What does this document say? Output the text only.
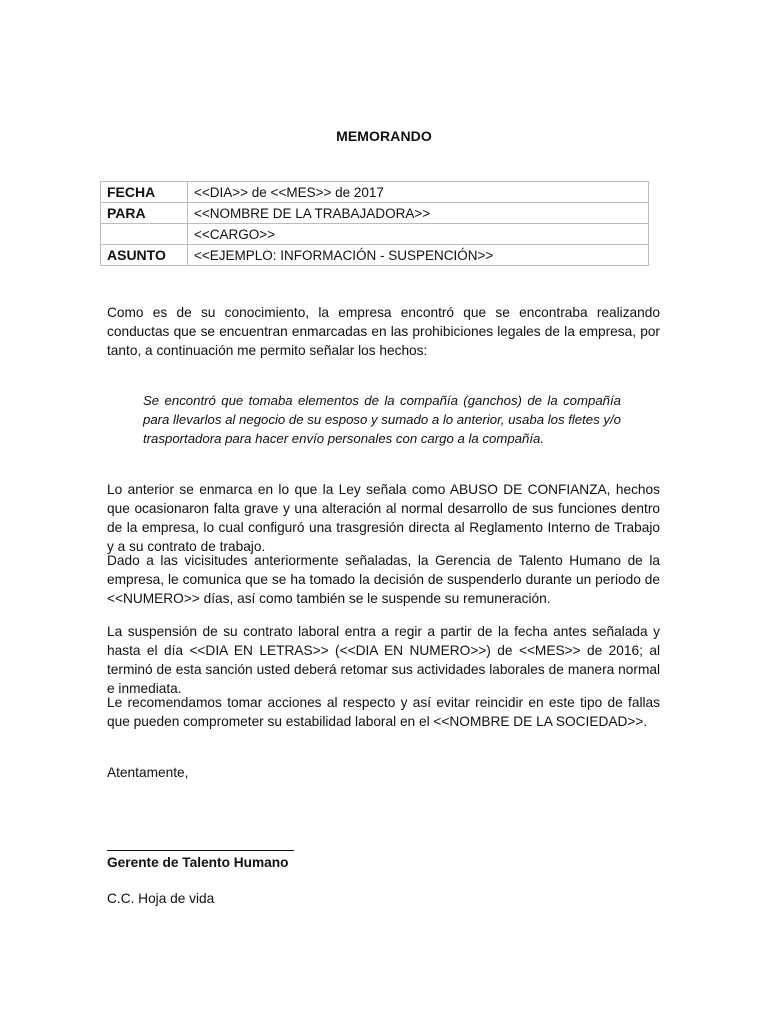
MEMORANDO
FECHA	<<DIA>> de <<MES>> de 2017
PARA	<<NOMBRE DE LA TRABAJADORA>>
	<<CARGO>>
ASUNTO	<<EJEMPLO: INFORMACIÓN - SUSPENCIÓN>>

Como es de su conocimiento, la empresa encontró que se encontraba realizando conductas que se encuentran enmarcadas en las prohibiciones legales de la empresa, por tanto, a continuación me permito señalar los hechos:

Se encontró que tomaba elementos de la compañía (ganchos) de la compañía para llevarlos al negocio de su esposo y sumado a lo anterior, usaba los fletes y/o trasportadora para hacer envío personales con cargo a la compañía.

Lo anterior se enmarca en lo que la Ley señala como ABUSO DE CONFIANZA, hechos que ocasionaron falta grave y una alteración al normal desarrollo de sus funciones dentro de la empresa, lo cual configuró una trasgresión directa al Reglamento Interno de Trabajo y a su contrato de trabajo.

Dado a las vicisitudes anteriormente señaladas, la Gerencia de Talento Humano de la empresa, le comunica que se ha tomado la decisión de suspenderlo durante un periodo de <<NUMERO>> días, así como también se le suspende su remuneración.

La suspensión de su contrato laboral entra a regir a partir de la fecha antes señalada y hasta el día <<DIA EN LETRAS>> (<<DIA EN NUMERO>>) de <<MES>> de 2016; al terminó de esta sanción usted deberá retomar sus actividades laborales de manera normal e inmediata.

Le recomendamos tomar acciones al respecto y así evitar reincidir en este tipo de fallas que pueden comprometer su estabilidad laboral en el <<NOMBRE DE LA SOCIEDAD>>.

Atentamente,
Gerente de Talento Humano
C.C. Hoja de vida
